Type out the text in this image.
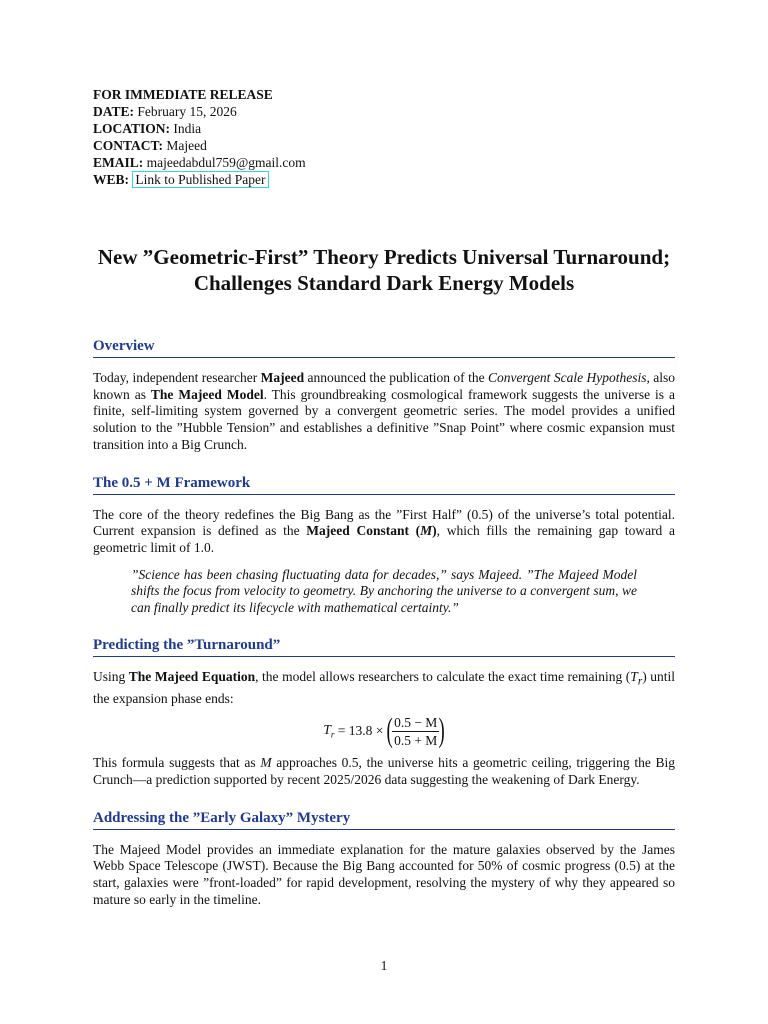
FOR IMMEDIATE RELEASE
DATE: February 15, 2026
LOCATION: India
CONTACT: Majeed
EMAIL: majeedabdul759@gmail.com
WEB: Link to Published Paper
New ”Geometric-First” Theory Predicts Universal Turnaround; Challenges Standard Dark Energy Models
Overview
Today, independent researcher Majeed announced the publication of the Convergent Scale Hypothesis, also known as The Majeed Model. This groundbreaking cosmological framework suggests the universe is a finite, self-limiting system governed by a convergent geometric series. The model provides a unified solution to the ”Hubble Tension” and establishes a definitive ”Snap Point” where cosmic expansion must transition into a Big Crunch.
The 0.5 + M Framework
The core of the theory redefines the Big Bang as the ”First Half” (0.5) of the universe’s total potential. Current expansion is defined as the Majeed Constant (M), which fills the remaining gap toward a geometric limit of 1.0.
”Science has been chasing fluctuating data for decades,” says Majeed. ”The Majeed Model shifts the focus from velocity to geometry. By anchoring the universe to a convergent sum, we can finally predict its lifecycle with mathematical certainty.”
Predicting the ”Turnaround”
Using The Majeed Equation, the model allows researchers to calculate the exact time remaining $(T_r)$ until the expansion phase ends:
$T_r = 13.8$ × ( $\frac{0.5 - M}{0.5 + M}$ )
This formula suggests that as M approaches 0.5, the universe hits a geometric ceiling, triggering the Big Crunch—a prediction supported by recent 2025/2026 data suggesting the weakening of Dark Energy.
Addressing the ”Early Galaxy” Mystery
The Majeed Model provides an immediate explanation for the mature galaxies observed by the James Webb Space Telescope (JWST). Because the Big Bang accounted for 50% of cosmic progress (0.5) at the start, galaxies were ”front-loaded” for rapid development, resolving the mystery of why they appeared so mature so early in the timeline.
1
